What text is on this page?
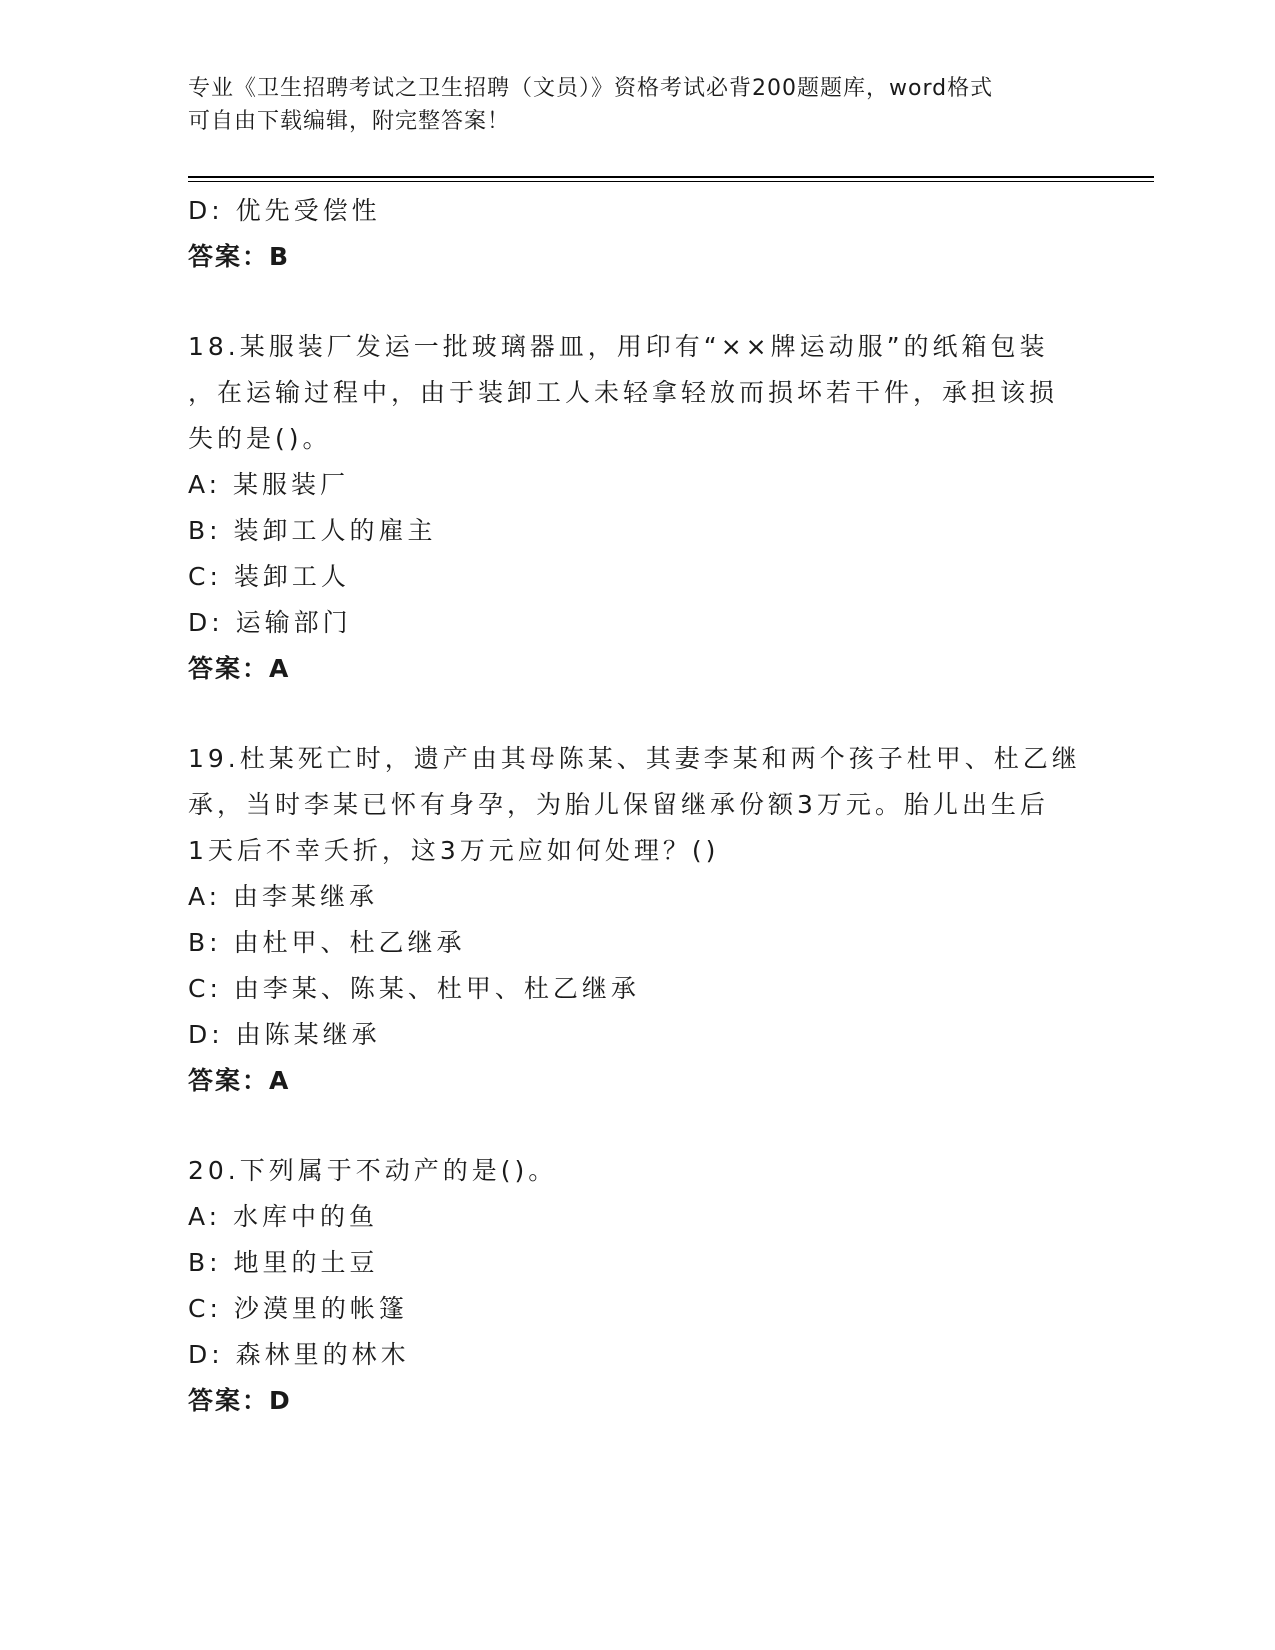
专业《卫生招聘考试之卫生招聘（文员）》资格考试必背200题题库，word格式
可自由下载编辑，附完整答案！
D: 优先受偿性
答案：B
18.某服装厂发运一批玻璃器皿，用印有“××牌运动服”的纸箱包装
，在运输过程中，由于装卸工人未轻拿轻放而损坏若干件，承担该损
失的是()。
A: 某服装厂
B: 装卸工人的雇主
C: 装卸工人
D: 运输部门
答案：A
19.杜某死亡时，遗产由其母陈某、其妻李某和两个孩子杜甲、杜乙继
承，当时李某已怀有身孕，为胎儿保留继承份额3万元。胎儿出生后
1天后不幸夭折，这3万元应如何处理？()
A: 由李某继承
B: 由杜甲、杜乙继承
C: 由李某、陈某、杜甲、杜乙继承
D: 由陈某继承
答案：A
20.下列属于不动产的是()。
A: 水库中的鱼
B: 地里的土豆
C: 沙漠里的帐篷
D: 森林里的林木
答案：D
